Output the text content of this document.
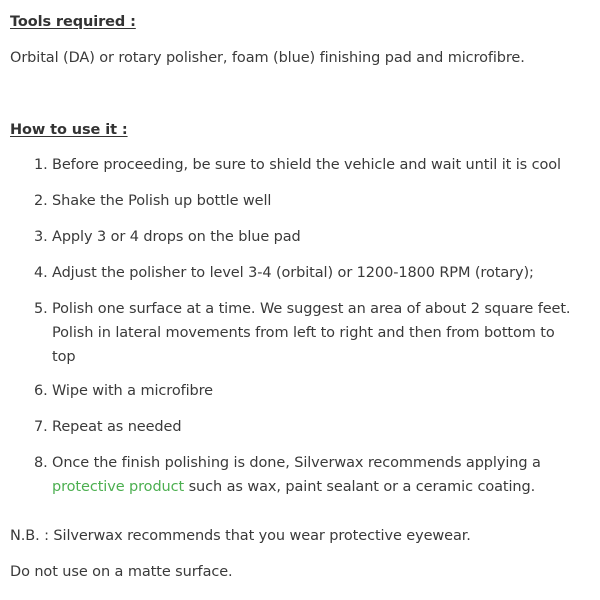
Tools required :
Orbital (DA) or rotary polisher, foam (blue) finishing pad and microfibre.
How to use it :
1. Before proceeding, be sure to shield the vehicle and wait until it is cool
2. Shake the Polish up bottle well
3. Apply 3 or 4 drops on the blue pad
4. Adjust the polisher to level 3-4 (orbital) or 1200-1800 RPM (rotary);
5. Polish one surface at a time. We suggest an area of about 2 square feet.
Polish in lateral movements from left to right and then from bottom to
top
6. Wipe with a microfibre
7. Repeat as needed
8. Once the finish polishing is done, Silverwax recommends applying a
protective product such as wax, paint sealant or a ceramic coating.
N.B. : Silverwax recommends that you wear protective eyewear.
Do not use on a matte surface.
